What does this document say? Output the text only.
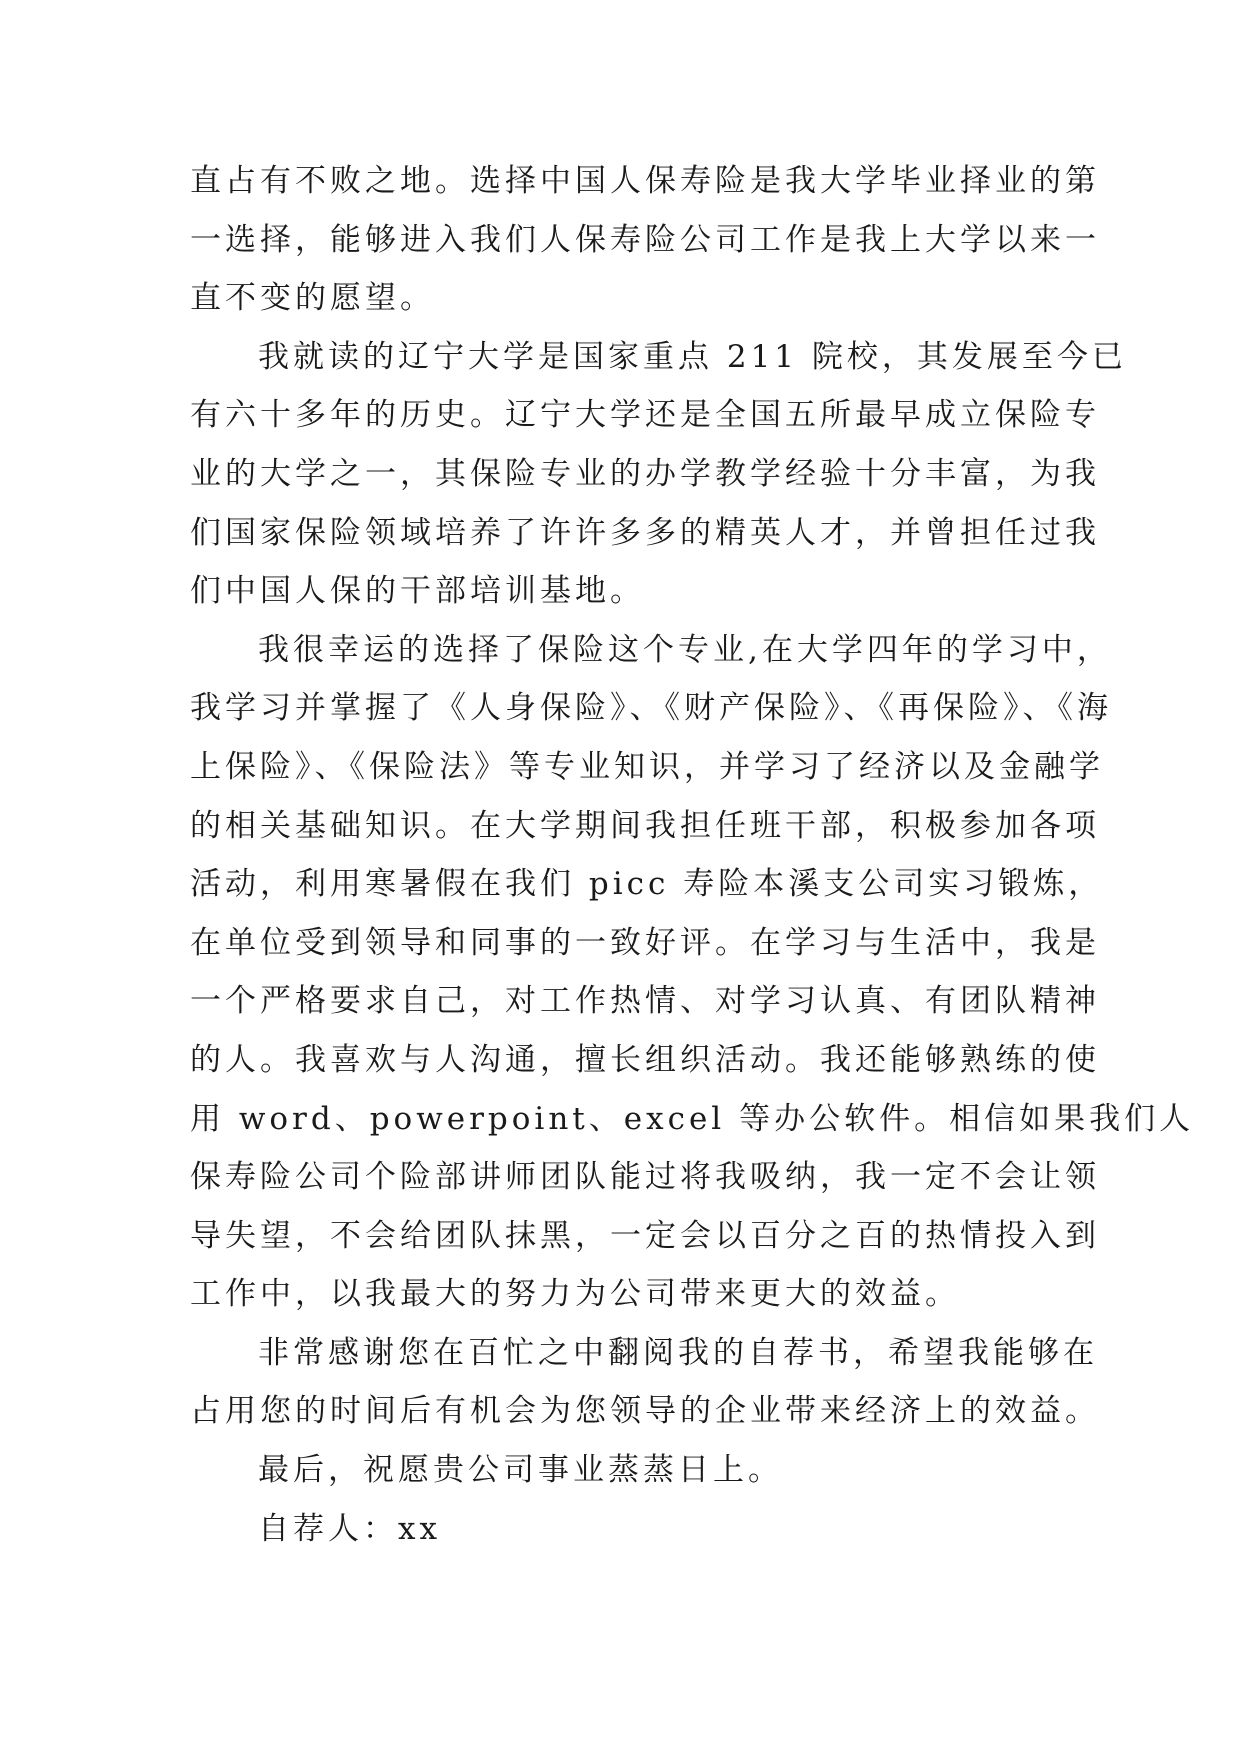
直占有不败之地。选择中国人保寿险是我大学毕业择业的第
一选择，能够进入我们人保寿险公司工作是我上大学以来一
直不变的愿望。
我就读的辽宁大学是国家重点 211 院校，其发展至今已
有六十多年的历史。辽宁大学还是全国五所最早成立保险专
业的大学之一，其保险专业的办学教学经验十分丰富，为我
们国家保险领域培养了许许多多的精英人才，并曾担任过我
们中国人保的干部培训基地。
我很幸运的选择了保险这个专业,在大学四年的学习中，
我学习并掌握了《人身保险》、《财产保险》、《再保险》、《海
上保险》、《保险法》等专业知识，并学习了经济以及金融学
的相关基础知识。在大学期间我担任班干部，积极参加各项
活动，利用寒暑假在我们 picc 寿险本溪支公司实习锻炼，
在单位受到领导和同事的一致好评。在学习与生活中，我是
一个严格要求自己，对工作热情、对学习认真、有团队精神
的人。我喜欢与人沟通，擅长组织活动。我还能够熟练的使
用 word、powerpoint、excel 等办公软件。相信如果我们人
保寿险公司个险部讲师团队能过将我吸纳，我一定不会让领
导失望，不会给团队抹黑，一定会以百分之百的热情投入到
工作中，以我最大的努力为公司带来更大的效益。
非常感谢您在百忙之中翻阅我的自荐书，希望我能够在
占用您的时间后有机会为您领导的企业带来经济上的效益。
最后，祝愿贵公司事业蒸蒸日上。
自荐人：xx
